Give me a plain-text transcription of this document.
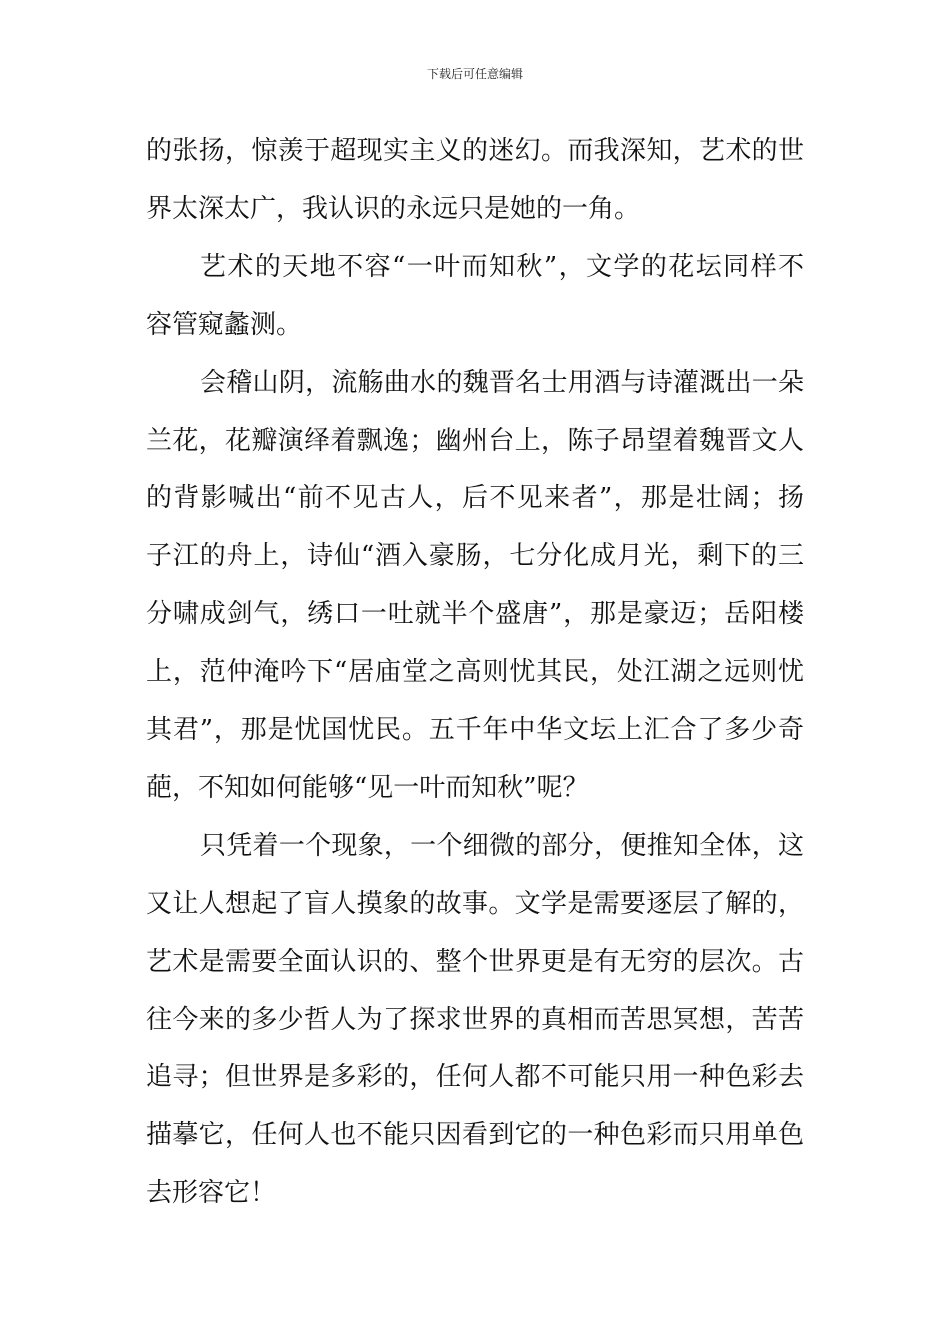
下载后可任意编辑
的张扬，惊羡于超现实主义的迷幻。而我深知，艺术的世
界太深太广，我认识的永远只是她的一角。
艺术的天地不容“一叶而知秋”，文学的花坛同样不
容管窥蠡测。
会稽山阴，流觞曲水的魏晋名士用酒与诗灌溉出一朵
兰花，花瓣演绎着飘逸；幽州台上，陈子昂望着魏晋文人
的背影喊出“前不见古人，后不见来者”，那是壮阔；扬
子江的舟上，诗仙“酒入豪肠，七分化成月光，剩下的三
分啸成剑气，绣口一吐就半个盛唐”，那是豪迈；岳阳楼
上，范仲淹吟下“居庙堂之高则忧其民，处江湖之远则忧
其君”，那是忧国忧民。五千年中华文坛上汇合了多少奇
葩，不知如何能够“见一叶而知秋”呢？
只凭着一个现象，一个细微的部分，便推知全体，这
又让人想起了盲人摸象的故事。文学是需要逐层了解的，
艺术是需要全面认识的、整个世界更是有无穷的层次。古
往今来的多少哲人为了探求世界的真相而苦思冥想，苦苦
追寻；但世界是多彩的，任何人都不可能只用一种色彩去
描摹它，任何人也不能只因看到它的一种色彩而只用单色
去形容它！
